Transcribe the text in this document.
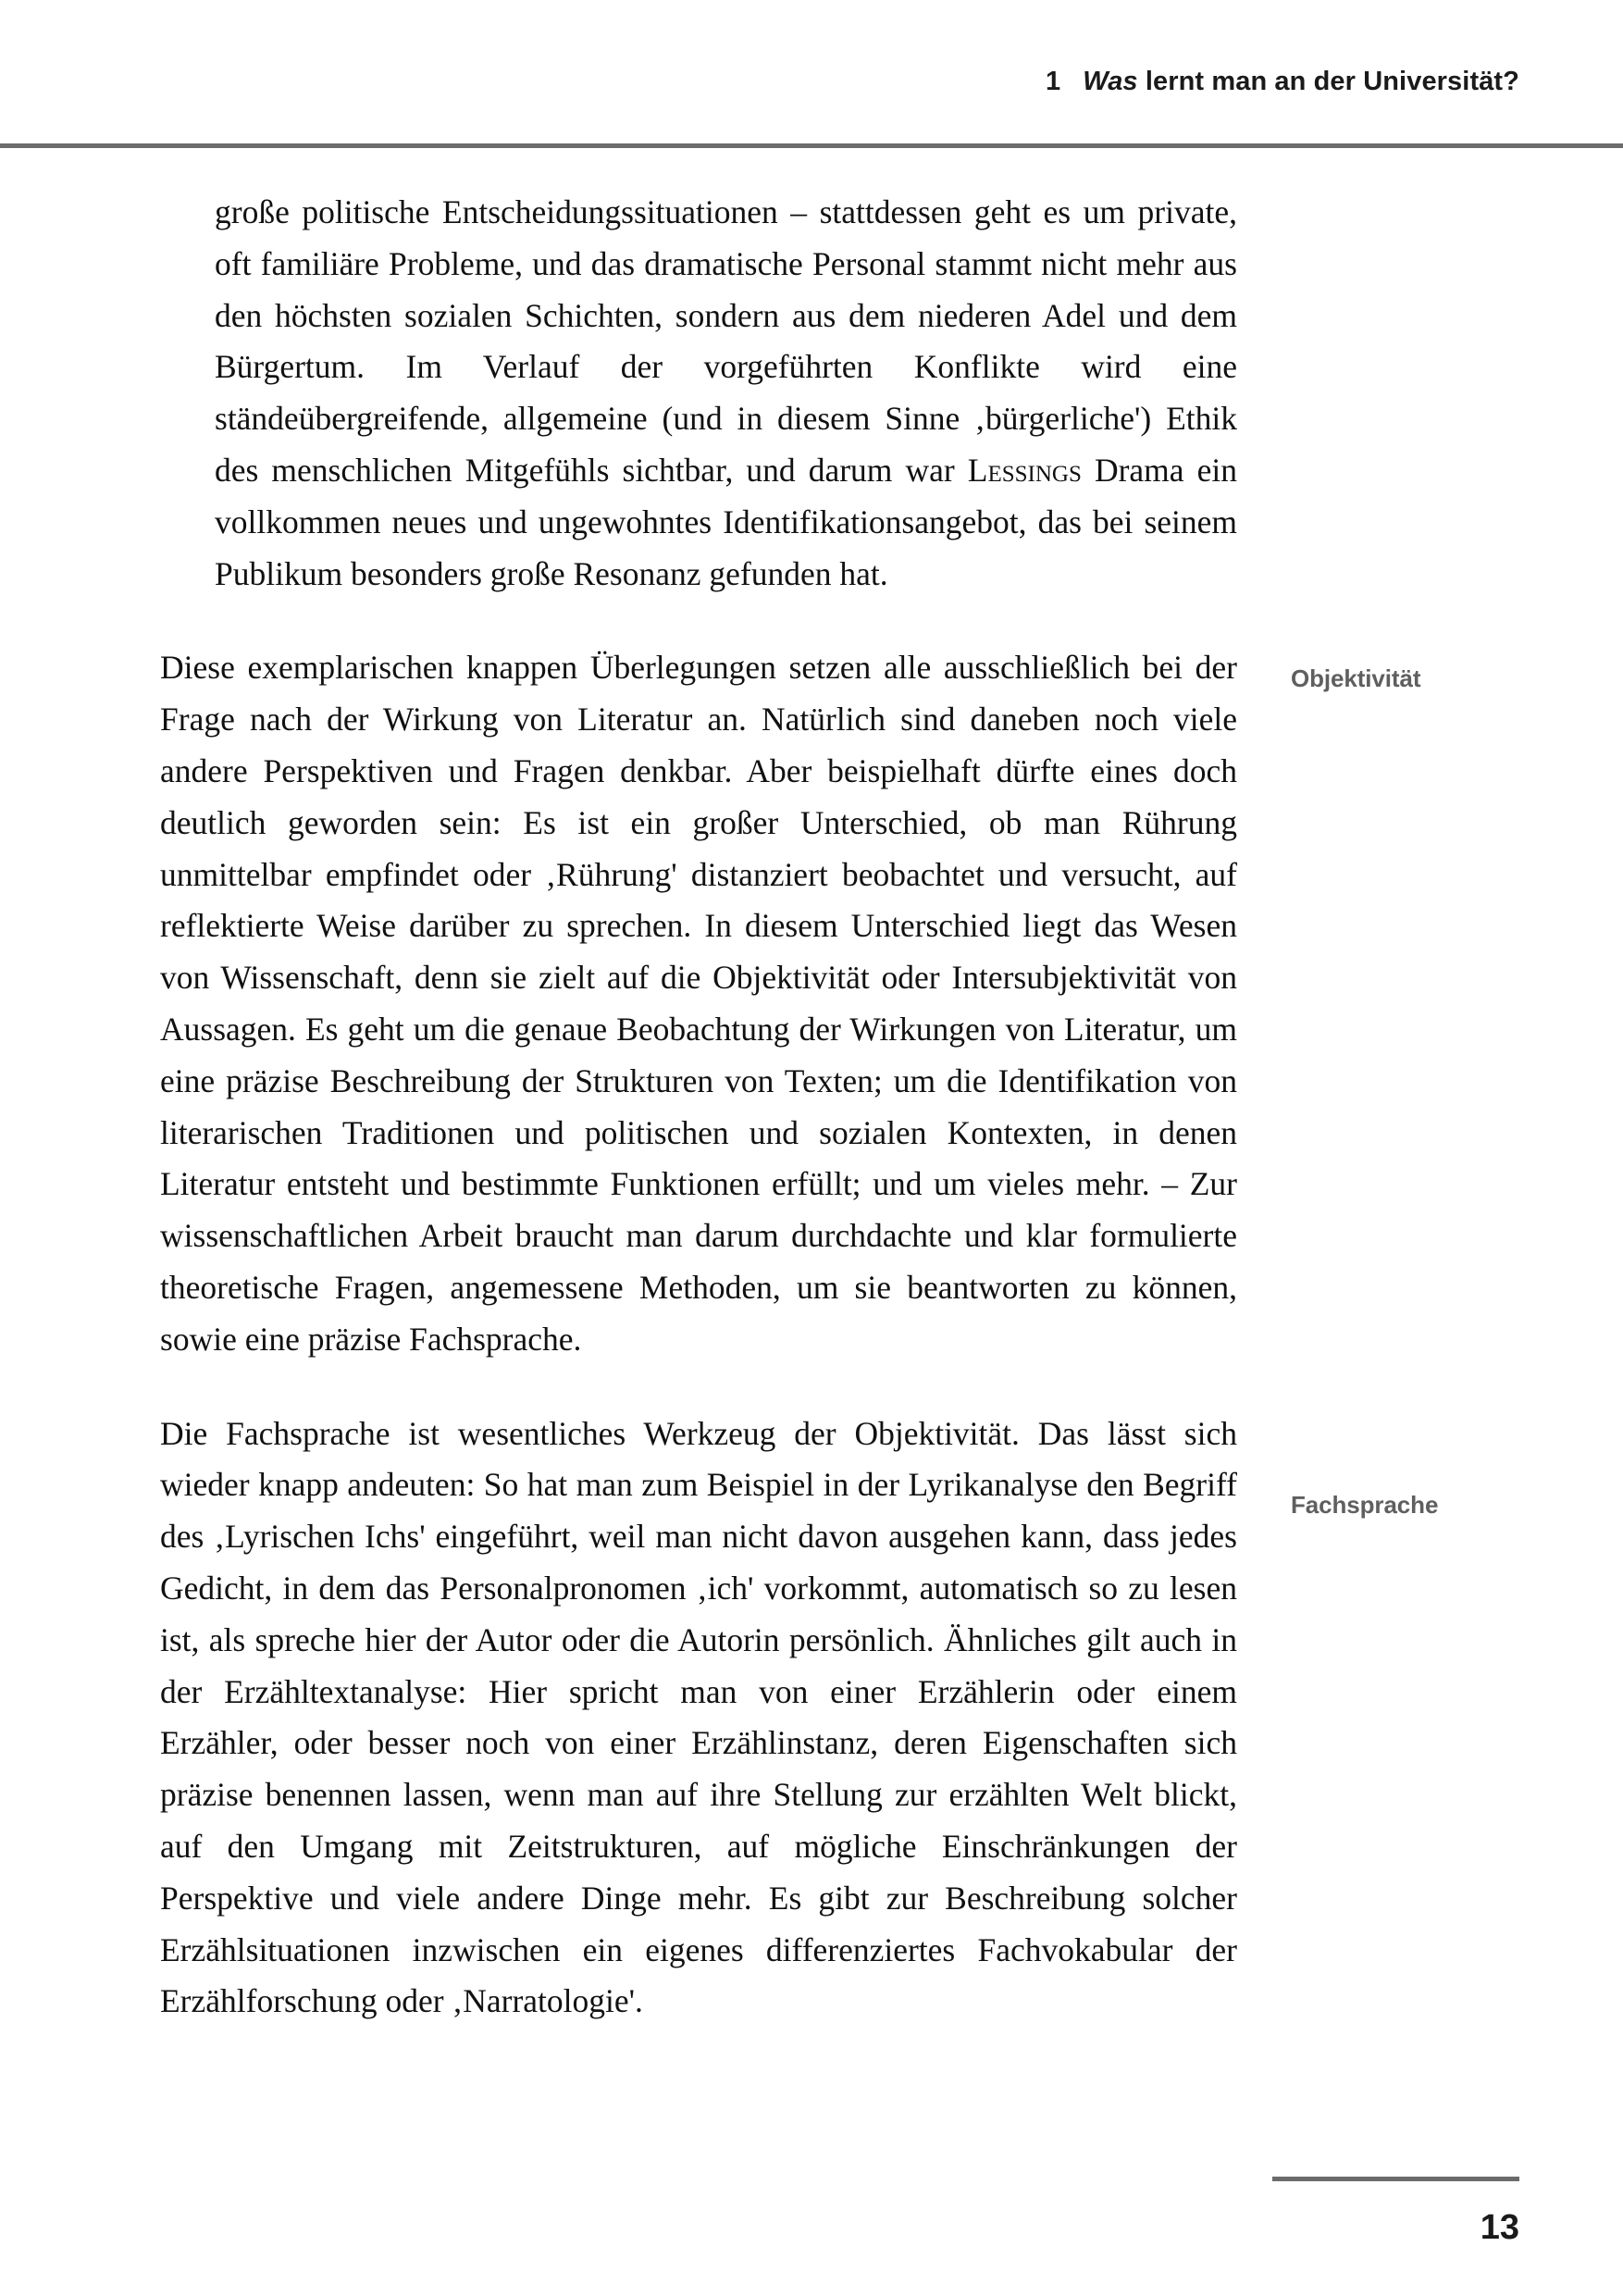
1 Was lernt man an der Universität?

große politische Entscheidungssituationen – stattdessen geht es um private, oft familiäre Probleme, und das dramatische Personal stammt nicht mehr aus den höchsten sozialen Schichten, sondern aus dem niederen Adel und dem Bürgertum. Im Verlauf der vorgeführten Konflikte wird eine ständeübergreifende, allgemeine (und in diesem Sinne ‚bürgerliche') Ethik des menschlichen Mitgefühls sichtbar, und darum war Lessings Drama ein vollkommen neues und ungewohntes Identifikationsangebot, das bei seinem Publikum besonders große Resonanz gefunden hat.

Diese exemplarischen knappen Überlegungen setzen alle ausschließlich bei der Frage nach der Wirkung von Literatur an. Natürlich sind daneben noch viele andere Perspektiven und Fragen denkbar. Aber beispielhaft dürfte eines doch deutlich geworden sein: Es ist ein großer Unterschied, ob man Rührung unmittelbar empfindet oder ‚Rührung' distanziert beobachtet und versucht, auf reflektierte Weise darüber zu sprechen. In diesem Unterschied liegt das Wesen von Wissenschaft, denn sie zielt auf die Objektivität oder Intersubjektivität von Aussagen. Es geht um die genaue Beobachtung der Wirkungen von Literatur, um eine präzise Beschreibung der Strukturen von Texten; um die Identifikation von literarischen Traditionen und politischen und sozialen Kontexten, in denen Literatur entsteht und bestimmte Funktionen erfüllt; und um vieles mehr. – Zur wissenschaftlichen Arbeit braucht man darum durchdachte und klar formulierte theoretische Fragen, angemessene Methoden, um sie beantworten zu können, sowie eine präzise Fachsprache.

Die Fachsprache ist wesentliches Werkzeug der Objektivität. Das lässt sich wieder knapp andeuten: So hat man zum Beispiel in der Lyrikanalyse den Begriff des ‚Lyrischen Ichs' eingeführt, weil man nicht davon ausgehen kann, dass jedes Gedicht, in dem das Personalpronomen ‚ich' vorkommt, automatisch so zu lesen ist, als spreche hier der Autor oder die Autorin persönlich. Ähnliches gilt auch in der Erzähltextanalyse: Hier spricht man von einer Erzählerin oder einem Erzähler, oder besser noch von einer Erzählinstanz, deren Eigenschaften sich präzise benennen lassen, wenn man auf ihre Stellung zur erzählten Welt blickt, auf den Umgang mit Zeitstrukturen, auf mögliche Einschränkungen der Perspektive und viele andere Dinge mehr. Es gibt zur Beschreibung solcher Erzählsituationen inzwischen ein eigenes differenziertes Fachvokabular der Erzählforschung oder ‚Narratologie'.

Objektivität
Fachsprache
13
